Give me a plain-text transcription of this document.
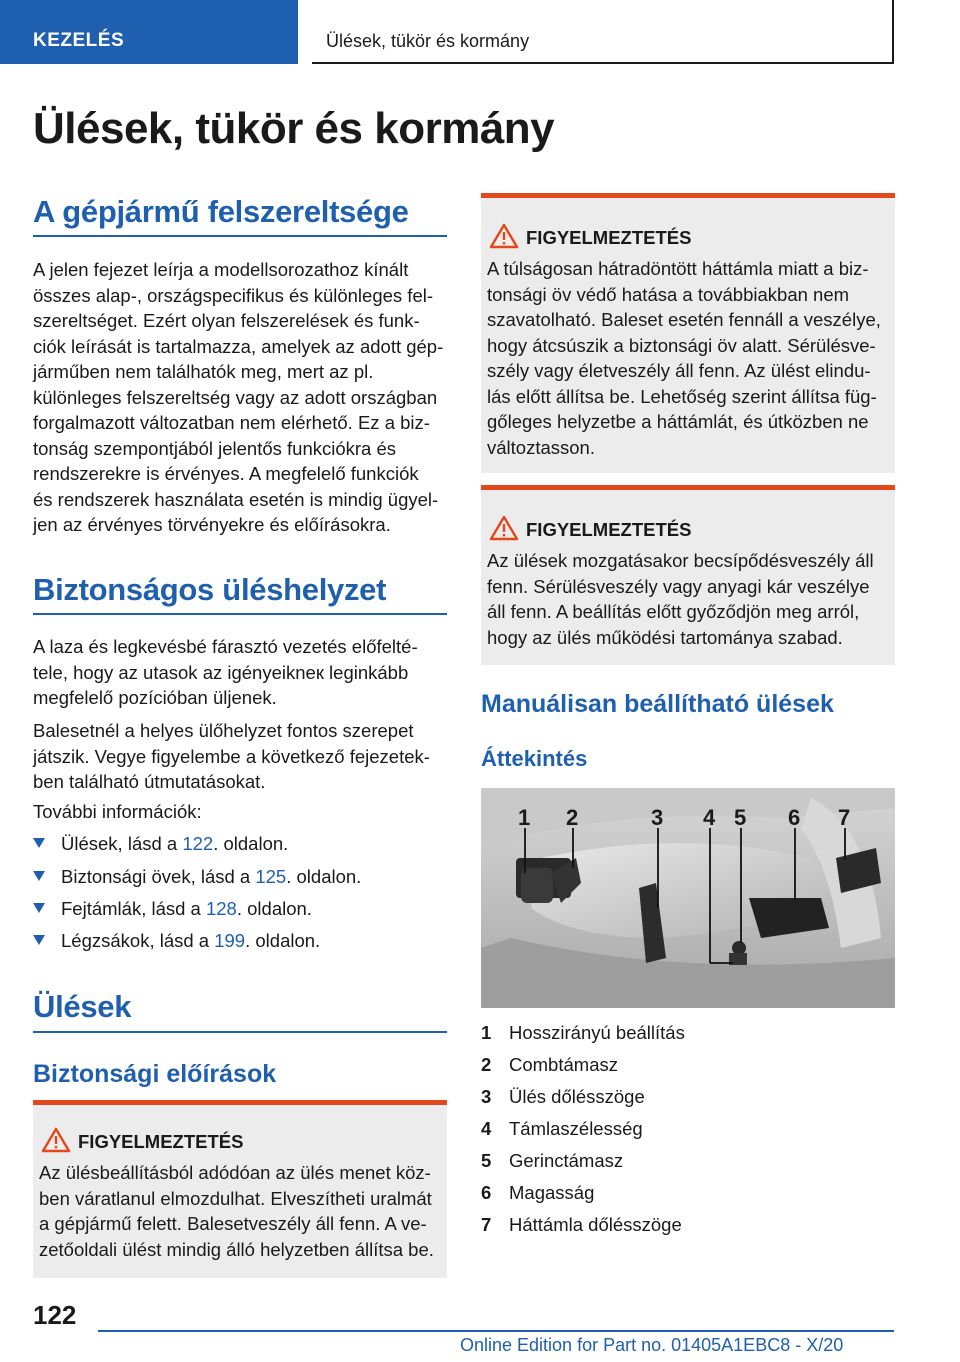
KEZELÉS	Ülések, tükör és kormány
Ülések, tükör és kormány
A gépjármű felszereltsége
A jelen fejezet leírja a modellsorozathoz kínált
összes alap-, országspecifikus és különleges fel-
szereltséget. Ezért olyan felszerelések és funk-
ciók leírását is tartalmazza, amelyek az adott gép-
járműben nem találhatók meg, mert az pl.
különleges felszereltség vagy az adott országban
forgalmazott változatban nem elérhető. Ez a biz-
tonság szempontjából jelentős funkciókra és
rendszerekre is érvényes. A megfelelő funkciók
és rendszerek használata esetén is mindig ügyel-
jen az érvényes törvényekre és előírásokra.
Biztonságos üléshelyzet
A laza és legkevésbé fárasztó vezetés előfelté-
tele, hogy az utasok az igényeikneк leginkább
megfelelő pozícióban üljenek.
Balesetnél a helyes ülőhelyzet fontos szerepet
játszik. Vegye figyelembe a következő fejezetek-
ben található útmutatásokat.
További információk:
Ülések, lásd a 122. oldalon.
Biztonsági övek, lásd a 125. oldalon.
Fejtámlák, lásd a 128. oldalon.
Légzsákok, lásd a 199. oldalon.
Ülések
Biztonsági előírások
FIGYELMEZTETÉS
Az ülésbeállításból adódóan az ülés menet köz-
ben váratlanul elmozdulhat. Elveszítheti uralmát
a gépjármű felett. Balesetveszély áll fenn. A ve-
zetőoldali ülést mindig álló helyzetben állítsa be.
FIGYELMEZTETÉS
A túlságosan hátradöntött háttámla miatt a biz-
tonsági öv védő hatása a továbbiakban nem
szavatolható. Baleset esetén fennáll a veszélye,
hogy átcsúszik a biztonsági öv alatt. Sérülésve-
szély vagy életveszély áll fenn. Az ülést elindu-
lás előtt állítsa be. Lehetőség szerint állítsa füg-
gőleges helyzetbe a háttámlát, és útközben ne
változtasson.
FIGYELMEZTETÉS
Az ülések mozgatásakor becsípődésveszély áll
fenn. Sérülésveszély vagy anyagi kár veszélye
áll fenn. A beállítás előtt győződjön meg arról,
hogy az ülés működési tartománya szabad.
Manuálisan beállítható ülések
Áttekintés
1 2	3 4 5 6 7
1 Hosszirányú beállítás
2 Combtámasz
3 Ülés dőlésszöge
4 Támlaszélesség
5 Gerinctámasz
6 Magasság
7 Háttámla dőlésszöge
122
Online Edition for Part no. 01405A1EBC8 - X/20
